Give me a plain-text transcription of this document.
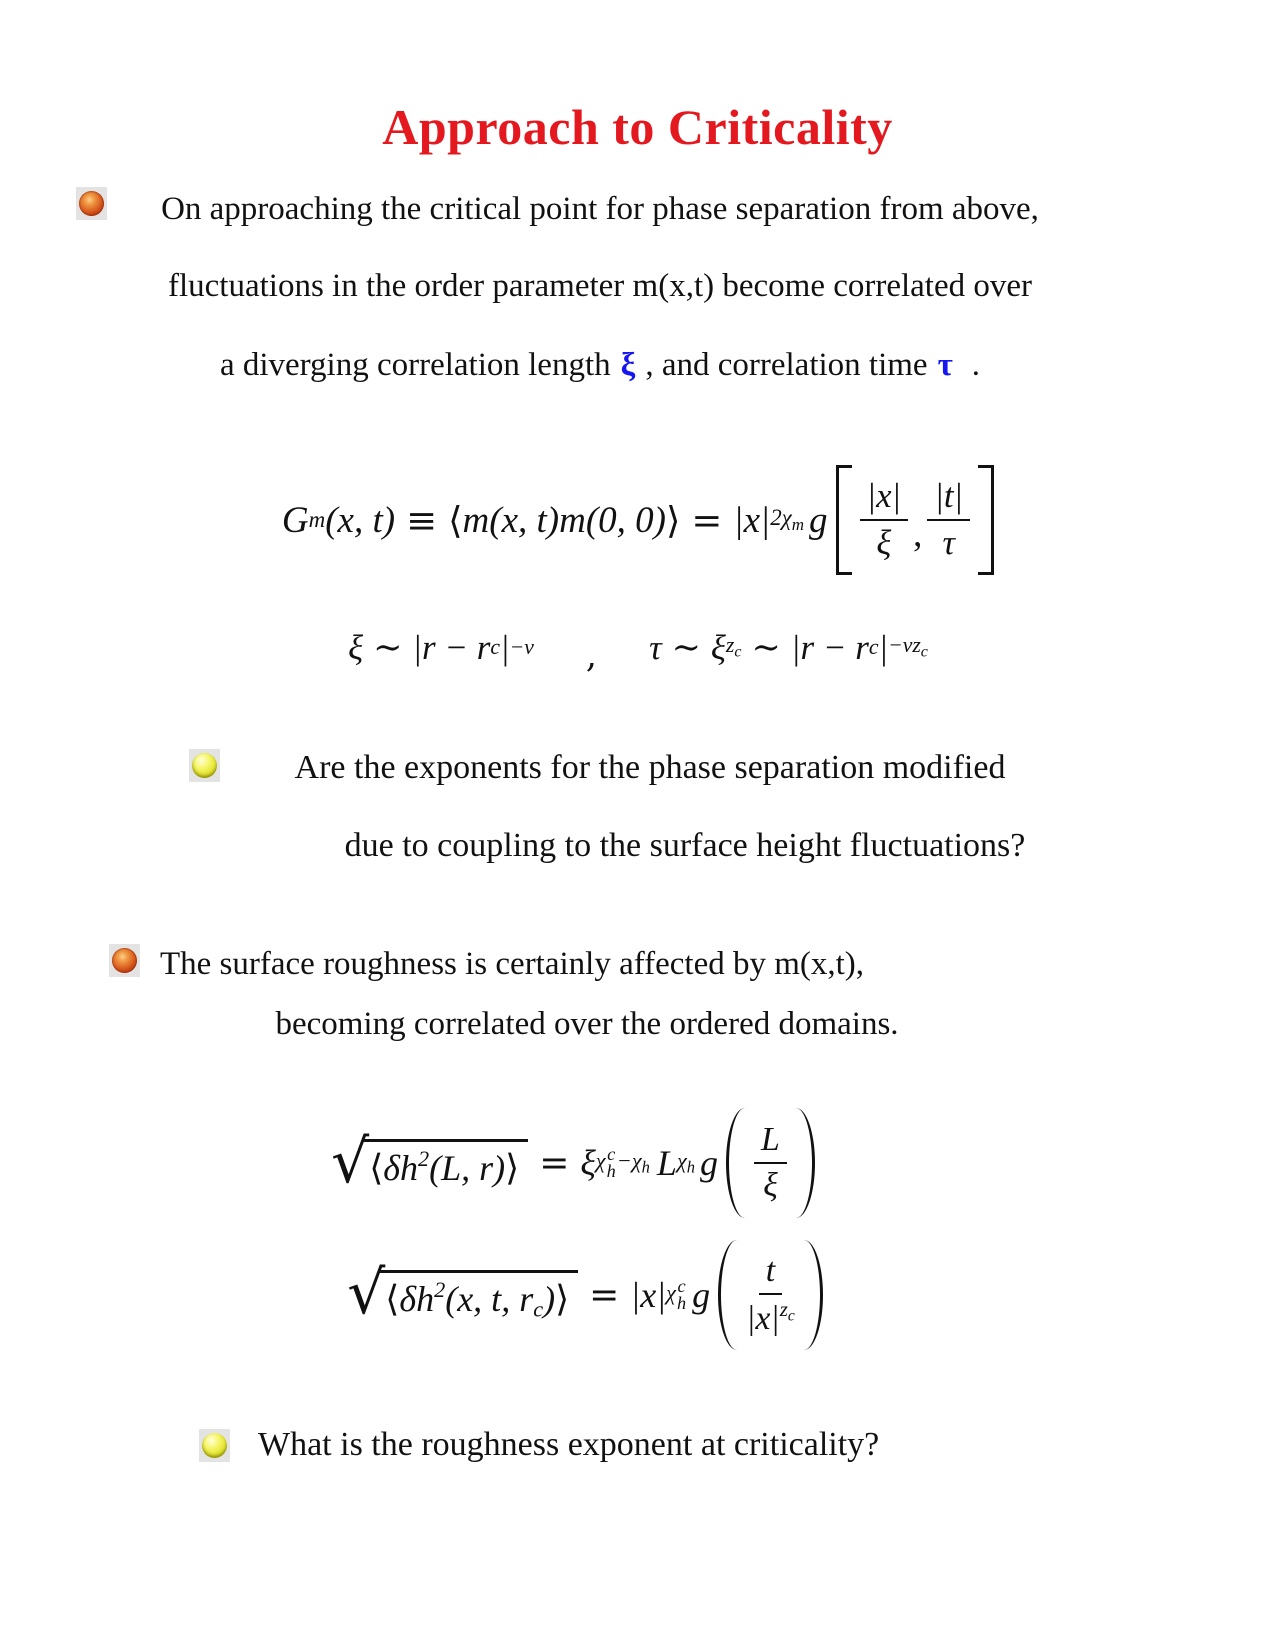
Approach to Criticality
On approaching the critical point for phase separation from above,
fluctuations in the order parameter m(x,t) become correlated over
a diverging correlation length ξ , and correlation time τ .
G m (x, t) ≡ ⟨ m(x, t)m(0, 0) ⟩ = |x| $2\chi_m$ g $\frac{|x|}{\xi}$ , $\frac{|t|}{\tau}$
ξ ∼ |r − r c | −ν , τ ∼ ξ $z_c$ ∼ |r − r c | $-\nu z_c$
Are the exponents for the phase separation modified
due to coupling to the surface height fluctuations?
The surface roughness is certainly affected by m(x,t),
becoming correlated over the ordered domains.
√ $⟨\delta h^2(L$, r)⟩ = ξ χ c
$h -\chi_h$ L $\chi_h$ g $\frac{L}{\xi}$
√ $⟨\delta h^2(x$, t, $r_c)⟩ = |x|$ χ c
h g $\frac{t}{|x|^{z_c}}$
What is the roughness exponent at criticality?
